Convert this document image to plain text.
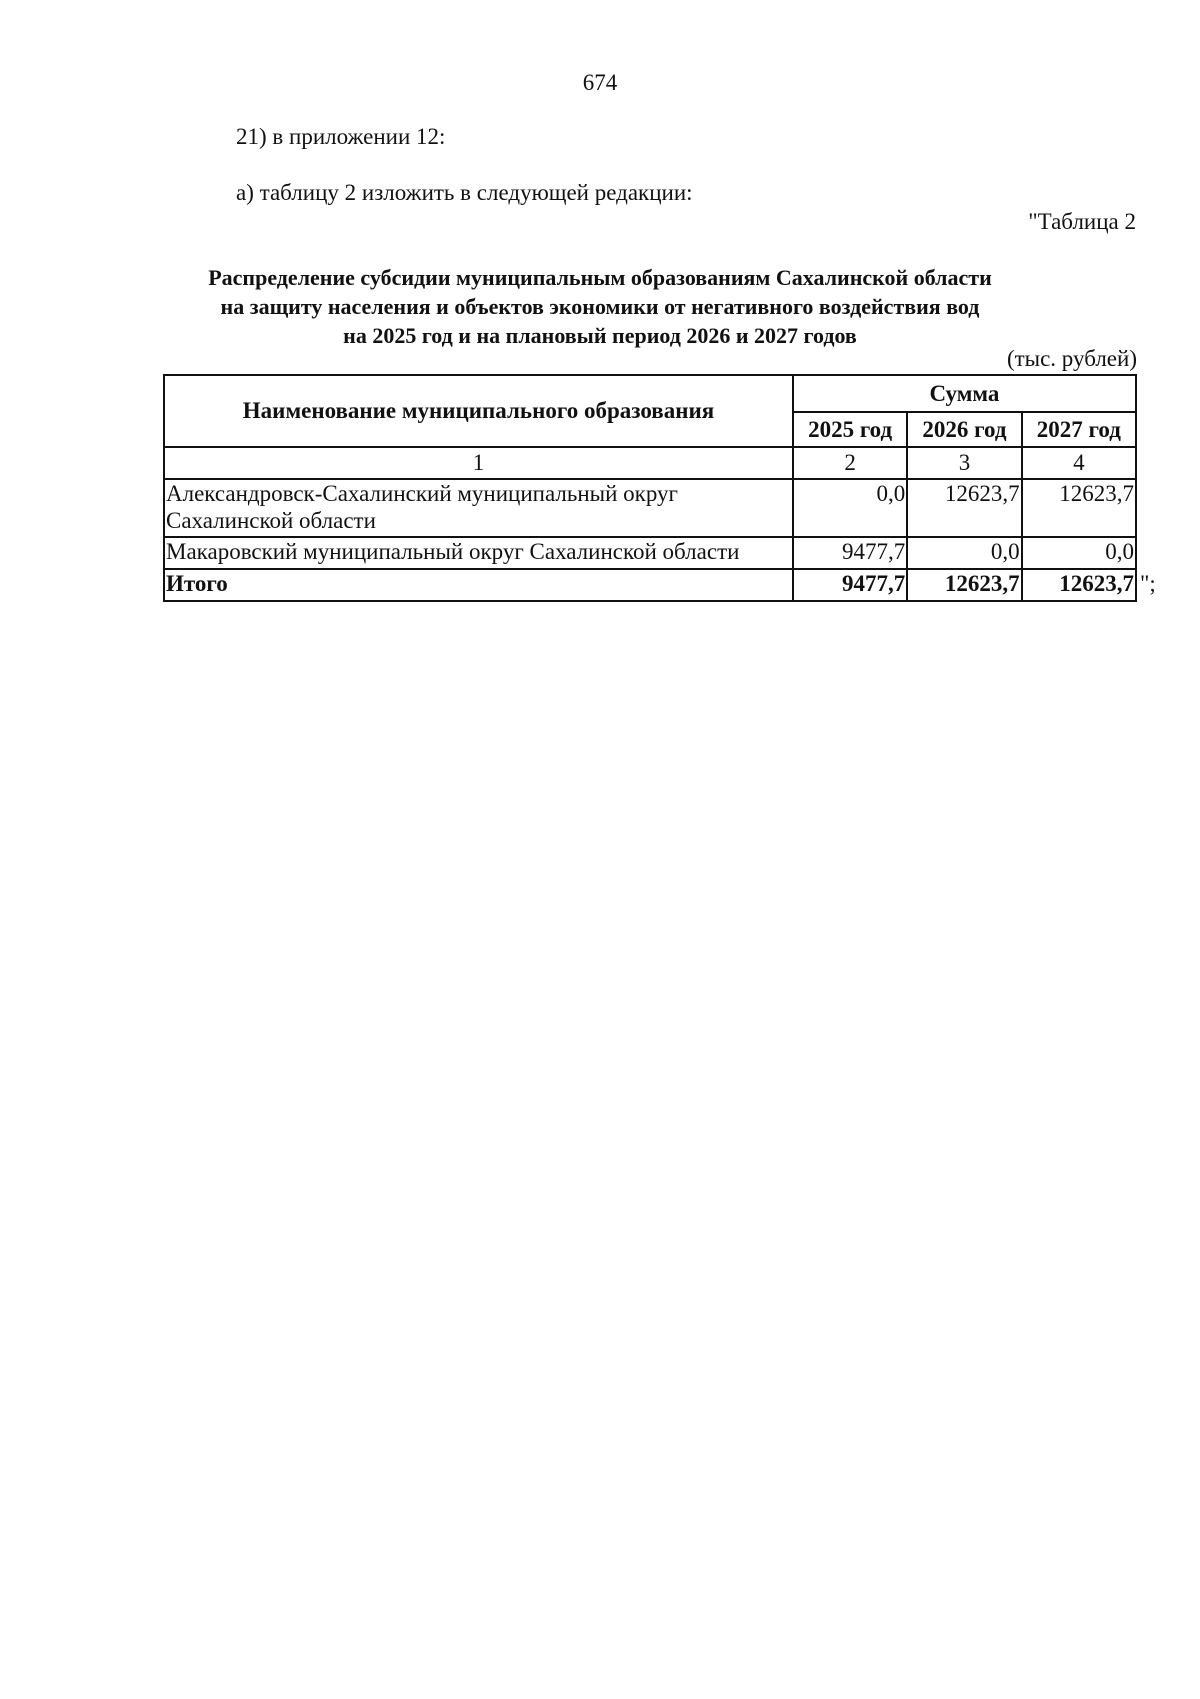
674
21) в приложении 12:
а) таблицу 2 изложить в следующей редакции:
"Таблица 2
Распределение субсидии муниципальным образованиям Сахалинской области
на защиту населения и объектов экономики от негативного воздействия вод
на 2025 год и на плановый период 2026 и 2027 годов
(тыс. рублей)
Наименование муниципального образования	Сумма		
	2025 год	2026 год	2027 год
1	2	3	4
Александровск-Сахалинский муниципальный округ Сахалинской области	0,0	12623,7	12623,7
Макаровский муниципальный округ Сахалинской области	9477,7	0,0	0,0
Итого	9477,7	12623,7	12623,7 ";
